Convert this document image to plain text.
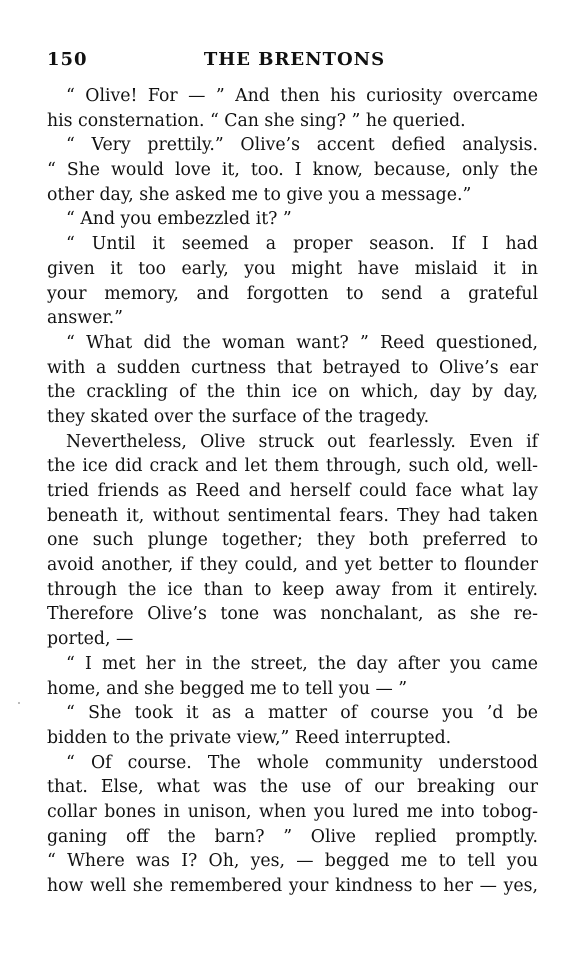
150	THE BRENTONS
“ Olive! For — ” And then his curiosity overcame
his consternation. “ Can she sing? ” he queried.
“ Very prettily.” Olive’s accent defied analysis.
“ She would love it, too. I know, because, only the
other day, she asked me to give you a message.”
“ And you embezzled it? ”
“ Until it seemed a proper season. If I had
given it too early, you might have mislaid it in
your memory, and forgotten to send a grateful
answer.”
“ What did the woman want? ” Reed questioned,
with a sudden curtness that betrayed to Olive’s ear
the crackling of the thin ice on which, day by day,
they skated over the surface of the tragedy.
Nevertheless, Olive struck out fearlessly. Even if
the ice did crack and let them through, such old, well-
tried friends as Reed and herself could face what lay
beneath it, without sentimental fears. They had taken
one such plunge together; they both preferred to
avoid another, if they could, and yet better to flounder
through the ice than to keep away from it entirely.
Therefore Olive’s tone was nonchalant, as she re-
ported, —
“ I met her in the street, the day after you came
home, and she begged me to tell you — ”
“ She took it as a matter of course you ’d be
bidden to the private view,” Reed interrupted.
“ Of course. The whole community understood
that. Else, what was the use of our breaking our
collar bones in unison, when you lured me into tobog-
ganing off the barn? ” Olive replied promptly.
“ Where was I? Oh, yes, — begged me to tell you
how well she remembered your kindness to her — yes,
